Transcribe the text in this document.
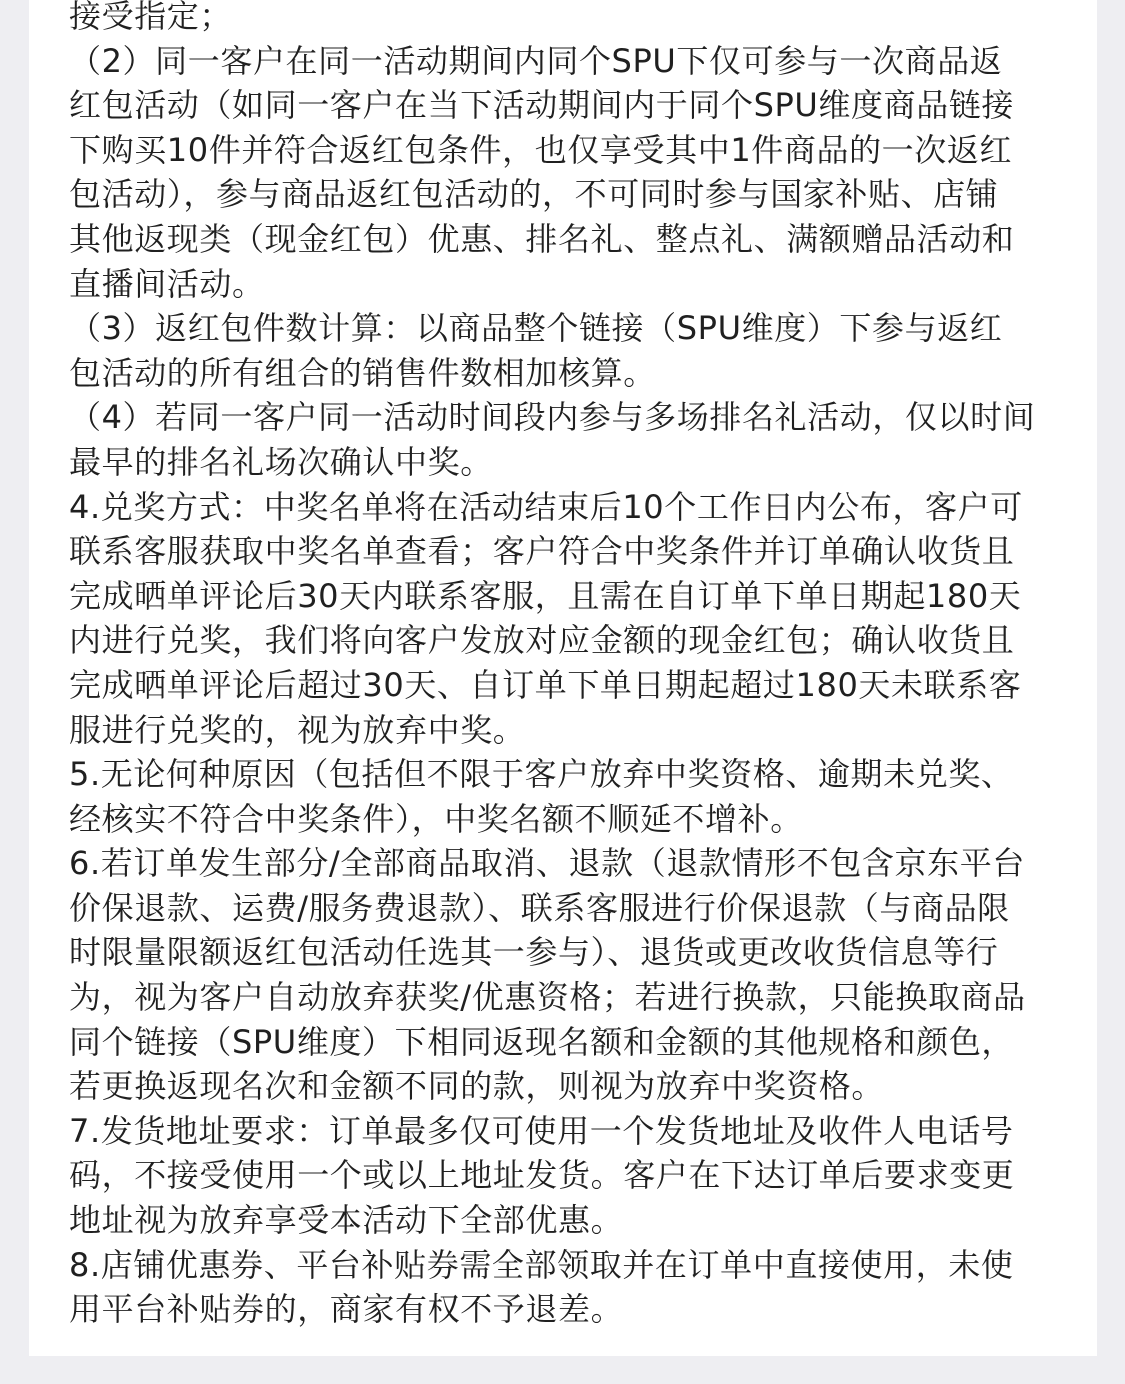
接受指定；
（2）同一客户在同一活动期间内同个SPU下仅可参与一次商品返
红包活动（如同一客户在当下活动期间内于同个SPU维度商品链接
下购买10件并符合返红包条件，也仅享受其中1件商品的一次返红
包活动），参与商品返红包活动的，不可同时参与国家补贴、店铺
其他返现类（现金红包）优惠、排名礼、整点礼、满额赠品活动和
直播间活动。
（3）返红包件数计算：以商品整个链接（SPU维度）下参与返红
包活动的所有组合的销售件数相加核算。
（4）若同一客户同一活动时间段内参与多场排名礼活动，仅以时间
最早的排名礼场次确认中奖。
4.兑奖方式：中奖名单将在活动结束后10个工作日内公布，客户可
联系客服获取中奖名单查看；客户符合中奖条件并订单确认收货且
完成晒单评论后30天内联系客服，且需在自订单下单日期起180天
内进行兑奖，我们将向客户发放对应金额的现金红包；确认收货且
完成晒单评论后超过30天、自订单下单日期起超过180天未联系客
服进行兑奖的，视为放弃中奖。
5.无论何种原因（包括但不限于客户放弃中奖资格、逾期未兑奖、
经核实不符合中奖条件），中奖名额不顺延不增补。
6.若订单发生部分/全部商品取消、退款（退款情形不包含京东平台
价保退款、运费/服务费退款）、联系客服进行价保退款（与商品限
时限量限额返红包活动任选其一参与）、退货或更改收货信息等行
为，视为客户自动放弃获奖/优惠资格；若进行换款，只能换取商品
同个链接（SPU维度）下相同返现名额和金额的其他规格和颜色，
若更换返现名次和金额不同的款，则视为放弃中奖资格。
7.发货地址要求：订单最多仅可使用一个发货地址及收件人电话号
码，不接受使用一个或以上地址发货。客户在下达订单后要求变更
地址视为放弃享受本活动下全部优惠。
8.店铺优惠券、平台补贴券需全部领取并在订单中直接使用，未使
用平台补贴券的，商家有权不予退差。
